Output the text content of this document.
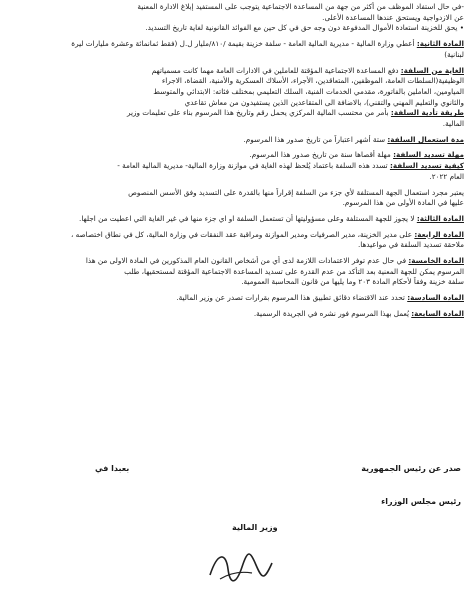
-في حال استفاد الموظف من أكثر من جهة من المساعدة الاجتماعية يتوجب على المستفيد إبلاغ الادارة المعنية
عن الازدواجية ويستحق عندها المساعدة الأعلى.
• يحق للخزينة استعادة الأموال المدفوعة دون وجه حق في كل حين مع الفوائد القانونية لغاية تاريخ التسديد.
المادة الثانية: أعطي وزارة المالية - مديرية المالية العامة - سلفة خزينة بقيمة /٨١٠/مليار ل.ل (فقط ثمانمائة وعشرة مليارات ليرة
لبنانية)
الغاية من السلفة: دفع المساعدة الاجتماعية المؤقتة للعاملين في الادارات العامة مهما كانت مسمياتهم
الوظيفية(السلطات العامة، الموظفين، المتعاقدين، الأجراء، الأسلاك العسكرية والأمنية، القضاة، الاجراء
المياومين، العاملين بالفاتورة، مقدمي الخدمات الفنية، السلك التعليمي بمختلف فئاته: الابتدائي والمتوسط
والثانوي والتعليم المهني والتقني)، بالاضافة الى المتقاعدين الذين يستفيدون من معاش تقاعدي
طريقة تأدية السلفة: بأمر من محتسب المالية المركزي يحمل رقم وتاريخ هذا المرسوم بناء على تعليمات وزير
المالية.
مدة استعمال السلفة: ستة أشهر اعتباراً من تاريخ صدور هذا المرسوم.
مهلة تسديد السلفة: مهلة أقصاها سنة من تاريخ صدور هذا المرسوم.
كيفية تسديد السلفة: تسدد هذه السلفة باعتماد يُلحظ لهذه الغاية في موازنة وزارة المالية- مديرية المالية العامة -
العام ٢٠٢٢.
يعتبر مجرد استعمال الجهة المستلفة لأي جزء من السلفة إقراراً منها بالقدرة على التسديد وفق الأسس المنصوص
عليها في المادة الأولى من هذا المرسوم.
المادة الثالثة: لا يجوز للجهة المستلفة وعلى مسؤوليتها أن تستعمل السلفة او اي جزء منها في غير الغاية التي اعطيت من اجلها.
المادة الرابعة: على مدير الخزينة، مدير الصرفيات ومدير الموازنة ومراقبة عقد النفقات في وزارة المالية، كل في نطاق اختصاصه ،
ملاحقة تسديد السلفة في مواعيدها.
المادة الخامسة: في حال عدم توفر الاعتمادات اللازمة لدى أي من أشخاص القانون العام المذكورين في المادة الاولى من هذا
المرسوم يمكن للجهة المعنية بعد التأكد من عدم القدرة على تسديد المساعدة الاجتماعية المؤقتة لمستحقيها، طلب
سلفة خزينة وفقاً لأحكام المادة ٢٠٣ وما يليها من قانون المحاسبة العمومية.
المادة السادسة: تحدد عند الاقتضاء دقائق تطبيق هذا المرسوم بقرارات تصدر عن وزير المالية.
المادة السابعة: يُعمل بهذا المرسوم فور نشره في الجريدة الرسمية.
صدر عن رئيس الجمهورية
بعبدا في
رئيس مجلس الوزراء
وزير المالية
